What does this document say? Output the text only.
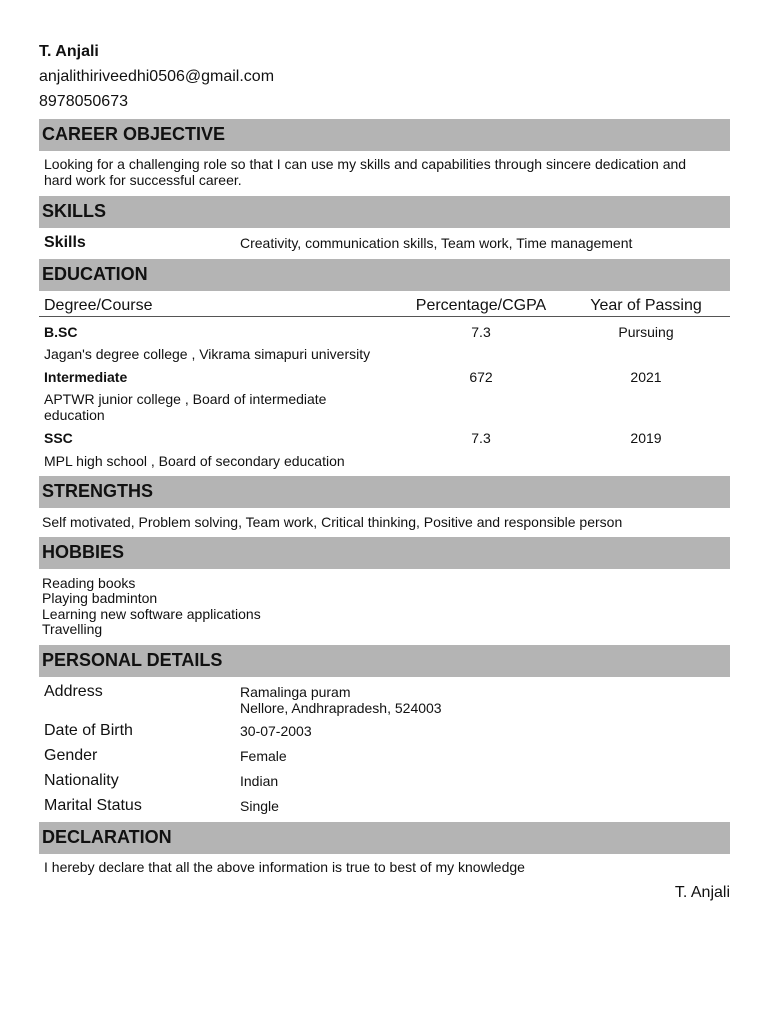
T. Anjali
anjalithiriveedhi0506@gmail.com
8978050673
CAREER OBJECTIVE
Looking for a challenging role so that I can use my skills and capabilities through sincere dedication and
hard work for successful career.
SKILLS
Skills	Creativity, communication skills, Team work, Time management
EDUCATION
Degree/Course	Percentage/CGPA	Year of Passing
B.SC	7.3	Pursuing
Jagan's degree college , Vikrama simapuri university
Intermediate	672	2021
APTWR junior college , Board of intermediate
education
SSC	7.3	2019
MPL high school , Board of secondary education
STRENGTHS
Self motivated, Problem solving, Team work, Critical thinking, Positive and responsible person
HOBBIES
Reading books
Playing badminton
Learning new software applications
Travelling
PERSONAL DETAILS
Address	Ramalinga puram
Nellore, Andhrapradesh, 524003
Date of Birth	30-07-2003
Gender	Female
Nationality	Indian
Marital Status	Single
DECLARATION
I hereby declare that all the above information is true to best of my knowledge
T. Anjali
